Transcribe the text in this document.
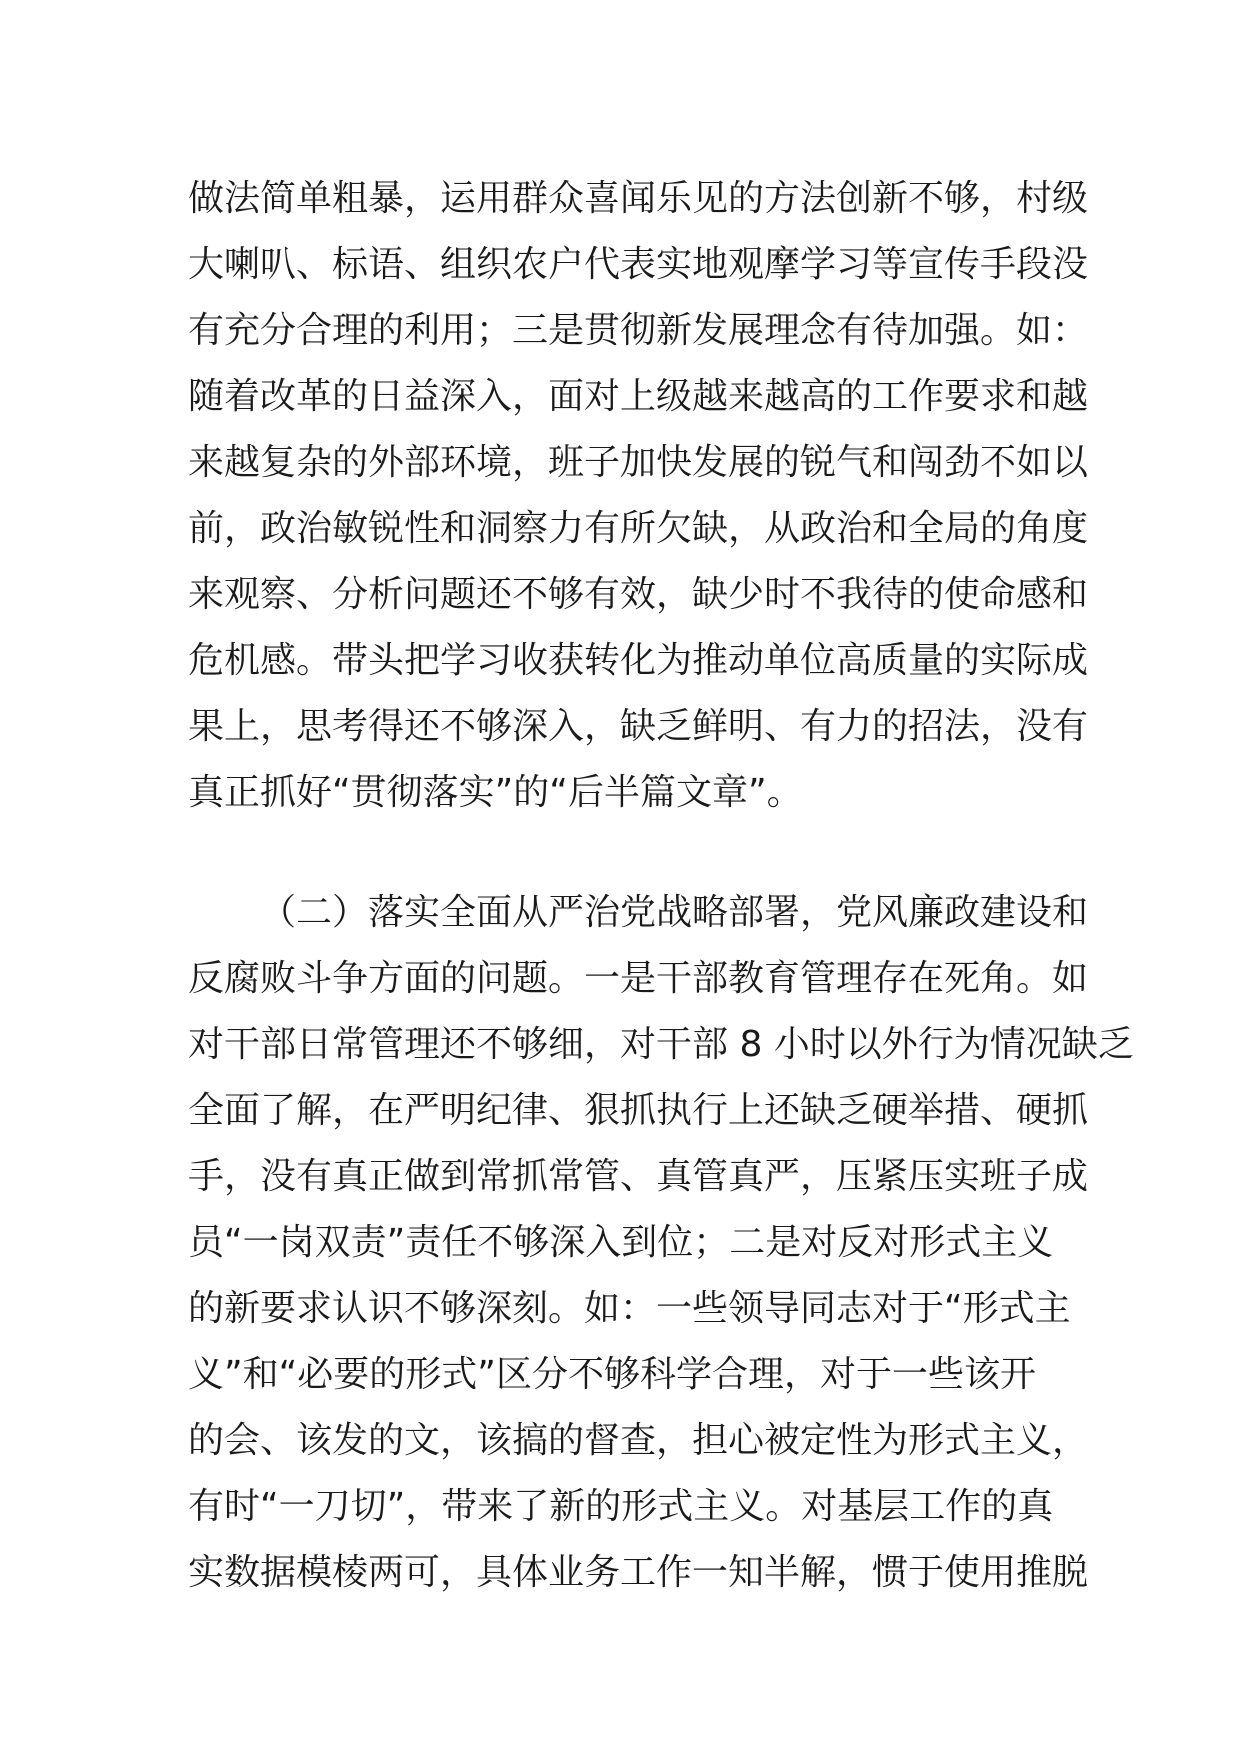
做法简单粗暴，运用群众喜闻乐见的方法创新不够，村级
大喇叭、标语、组织农户代表实地观摩学习等宣传手段没
有充分合理的利用；三是贯彻新发展理念有待加强。如：
随着改革的日益深入，面对上级越来越高的工作要求和越
来越复杂的外部环境，班子加快发展的锐气和闯劲不如以
前，政治敏锐性和洞察力有所欠缺，从政治和全局的角度
来观察、分析问题还不够有效，缺少时不我待的使命感和
危机感。带头把学习收获转化为推动单位高质量的实际成
果上，思考得还不够深入，缺乏鲜明、有力的招法，没有
真正抓好“贯彻落实”的“后半篇文章”。
（二）落实全面从严治党战略部署，党风廉政建设和
反腐败斗争方面的问题。一是干部教育管理存在死角。如
对干部日常管理还不够细，对干部 8 小时以外行为情况缺乏
全面了解，在严明纪律、狠抓执行上还缺乏硬举措、硬抓
手，没有真正做到常抓常管、真管真严，压紧压实班子成
员“一岗双责”责任不够深入到位；二是对反对形式主义
的新要求认识不够深刻。如：一些领导同志对于“形式主
义”和“必要的形式”区分不够科学合理，对于一些该开
的会、该发的文，该搞的督查，担心被定性为形式主义，
有时“一刀切”，带来了新的形式主义。对基层工作的真
实数据模棱两可，具体业务工作一知半解，惯于使用推脱
